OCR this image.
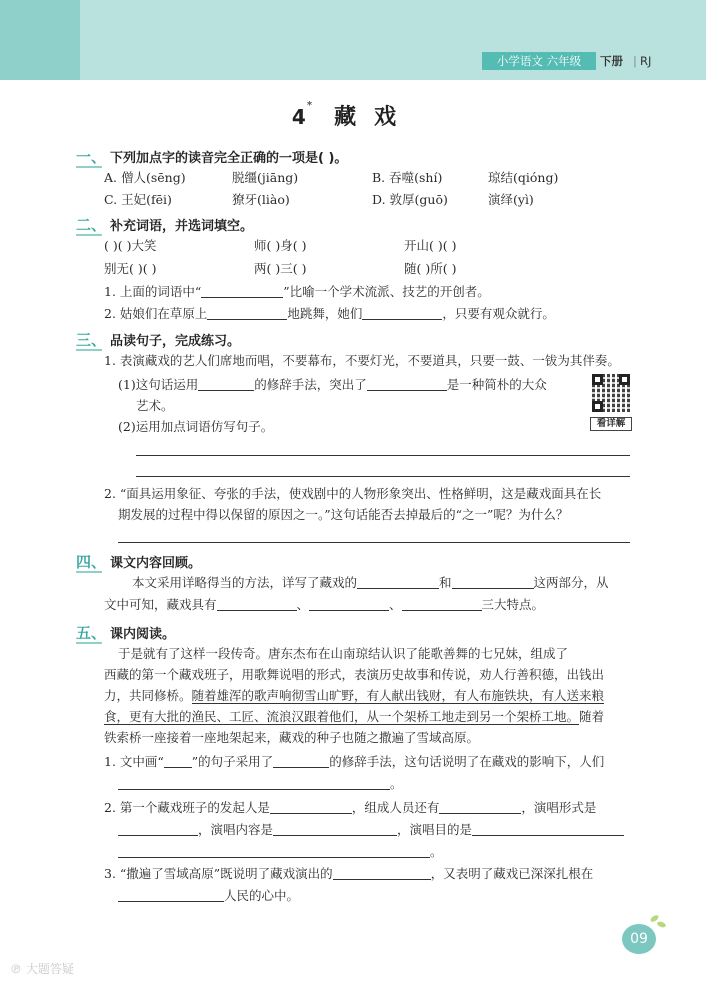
小学语文 六年级	下册 | RJ
4* 藏戏
一、 下列加点字的读音完全正确的一项是( )。
A. 僧人(sēng)	脱缰(jiāng)	B. 吞噬(shí)	琼结(qióng)
C. 王妃(fēi)	獠牙(liào)	D. 敦厚(guō)	演绎(yì)
二、 补充词语，并选词填空。
( )( )大笑	师( )身( )	开山( )( )
别无( )( )	两( )三( )	随( )所( )
1. 上面的词语中“	”比喻一个学术流派、技艺的开创者。
2. 姑娘们在草原上	地跳舞，她们	，只要有观众就行。
三、 品读句子，完成练习。
1. 表演藏戏的艺人们席地而唱，不要幕布，不要灯光，不要道具，只要一鼓、一钹为其伴奏。
(1)这句话运用	的修辞手法，突出了	是一种简朴的大众
艺术。
(2)运用加点词语仿写句子。	看详解
2. “面具运用象征、夸张的手法，使戏剧中的人物形象突出、性格鲜明，这是藏戏面具在长
期发展的过程中得以保留的原因之一。”这句话能否去掉最后的“之一”呢？为什么？
四、 课文内容回顾。
本文采用详略得当的方法，详写了藏戏的	和	这两部分，从
文中可知，藏戏具有	、	、	三大特点。
五、 课内阅读。
于是就有了这样一段传奇。唐东杰布在山南琼结认识了能歌善舞的七兄妹，组成了
西藏的第一个藏戏班子，用歌舞说唱的形式，表演历史故事和传说，劝人行善积德，出钱出
力，共同修桥。随着雄浑的歌声响彻雪山旷野，有人献出钱财，有人布施铁块，有人送来粮
食，更有大批的渔民、工匠、流浪汉跟着他们，从一个架桥工地走到另一个架桥工地。随着
铁索桥一座接着一座地架起来，藏戏的种子也随之撒遍了雪域高原。
1. 文中画“ ”的句子采用了	的修辞手法，这句话说明了在藏戏的影响下，人们
。
2. 第一个藏戏班子的发起人是	，组成人员还有	，演唱形式是
，演唱内容是	，演唱目的是
。
3. “撒遍了雪域高原”既说明了藏戏演出的	，又表明了藏戏已深深扎根在
人民的心中。
09
℗ 大题答疑
